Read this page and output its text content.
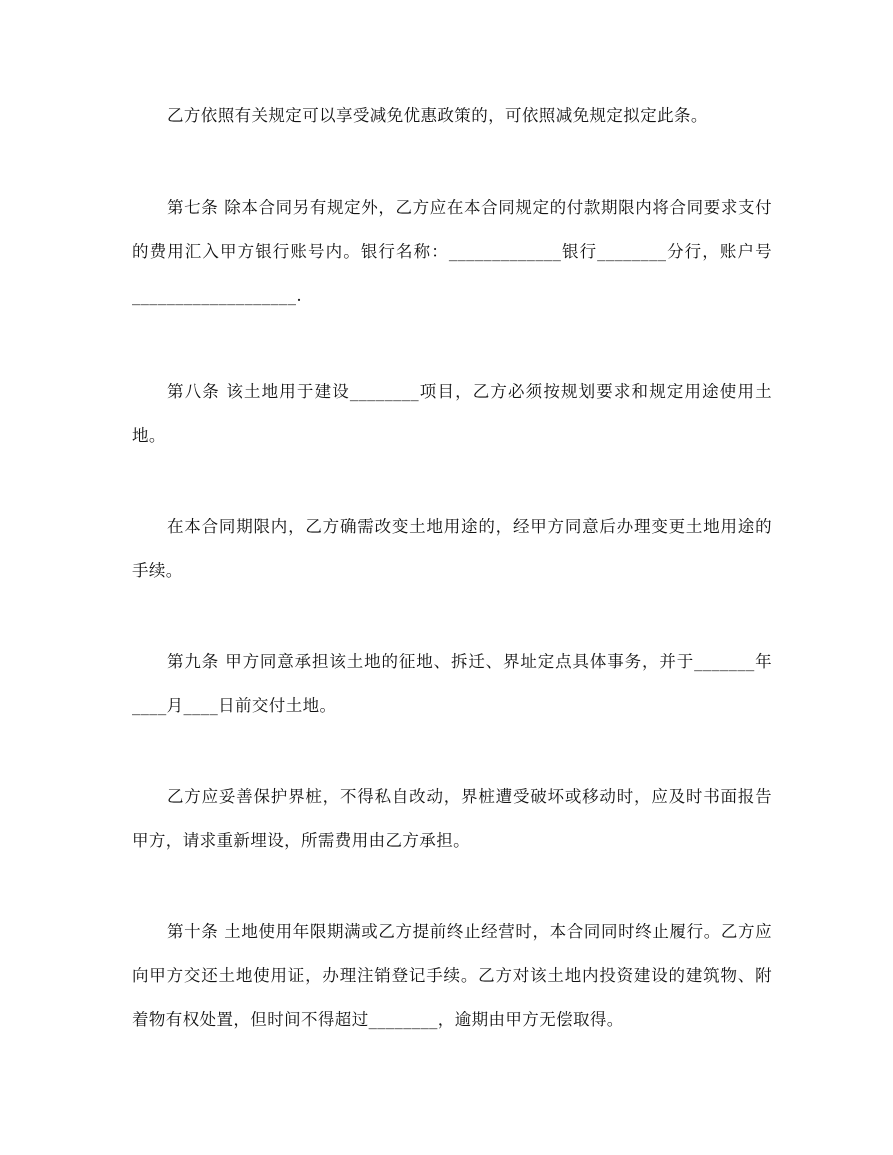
乙方依照有关规定可以享受减免优惠政策的，可依照减免规定拟定此条。

第七条 除本合同另有规定外，乙方应在本合同规定的付款期限内将合同要求支付的费用汇入甲方银行账号内。银行名称：_____________银行________分行，账户号___________________.

第八条 该土地用于建设________项目，乙方必须按规划要求和规定用途使用土地。

在本合同期限内，乙方确需改变土地用途的，经甲方同意后办理变更土地用途的手续。

第九条 甲方同意承担该土地的征地、拆迁、界址定点具体事务，并于_______年____月____日前交付土地。

乙方应妥善保护界桩，不得私自改动，界桩遭受破坏或移动时，应及时书面报告甲方，请求重新埋设，所需费用由乙方承担。

第十条 土地使用年限期满或乙方提前终止经营时，本合同同时终止履行。乙方应向甲方交还土地使用证，办理注销登记手续。乙方对该土地内投资建设的建筑物、附着物有权处置，但时间不得超过________，逾期由甲方无偿取得。
